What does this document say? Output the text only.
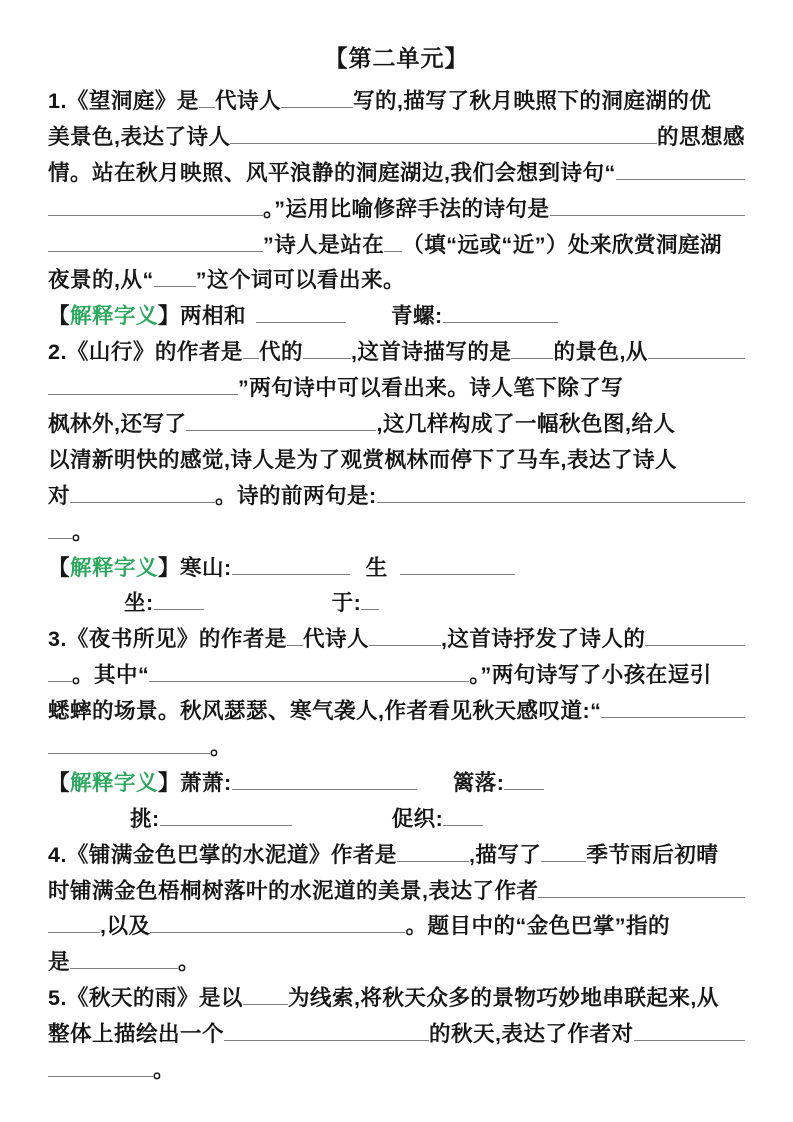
【第二单元】
1.《望洞庭》是 代诗人	写的,描写了秋月映照下的洞庭湖的优
美景色,表达了诗人	的思想感
情。站在秋月映照、风平浪静的洞庭湖边,我们会想到诗句“
。”运用比喻修辞手法的诗句是
”诗人是站在 （填“远或“近”）处来欣赏洞庭湖
夜景的,从“ ”这个词可以看出来。
【 解释字义 】两相和	青螺:
2.《山行》的作者是 代的 ,这首诗描写的是 的景色,从
”两句诗中可以看出来。诗人笔下除了写
枫林外,还写了	,这几样构成了一幅秋色图,给人
以清新明快的感觉,诗人是为了观赏枫林而停下了马车,表达了诗人
对	。诗的前两句是:
。
【 解释字义 】寒山:	生
坐:	于:
3.《夜书所见》的作者是 代诗人	,这首诗抒发了诗人的
。其中“	。”两句诗写了小孩在逗引
蟋蟀的场景。秋风瑟瑟、寒气袭人,作者看见秋天感叹道:“
。
【 解释字义 】萧萧:	篱落:
挑:	促织:
4.《铺满金色巴掌的水泥道》作者是	,描写了 季节雨后初晴
时铺满金色梧桐树落叶的水泥道的美景,表达了作者
,以及	。题目中的“金色巴掌”指的
是	。
5.《秋天的雨》是以 为线索,将秋天众多的景物巧妙地串联起来,从
整体上描绘出一个	的秋天,表达了作者对
。
